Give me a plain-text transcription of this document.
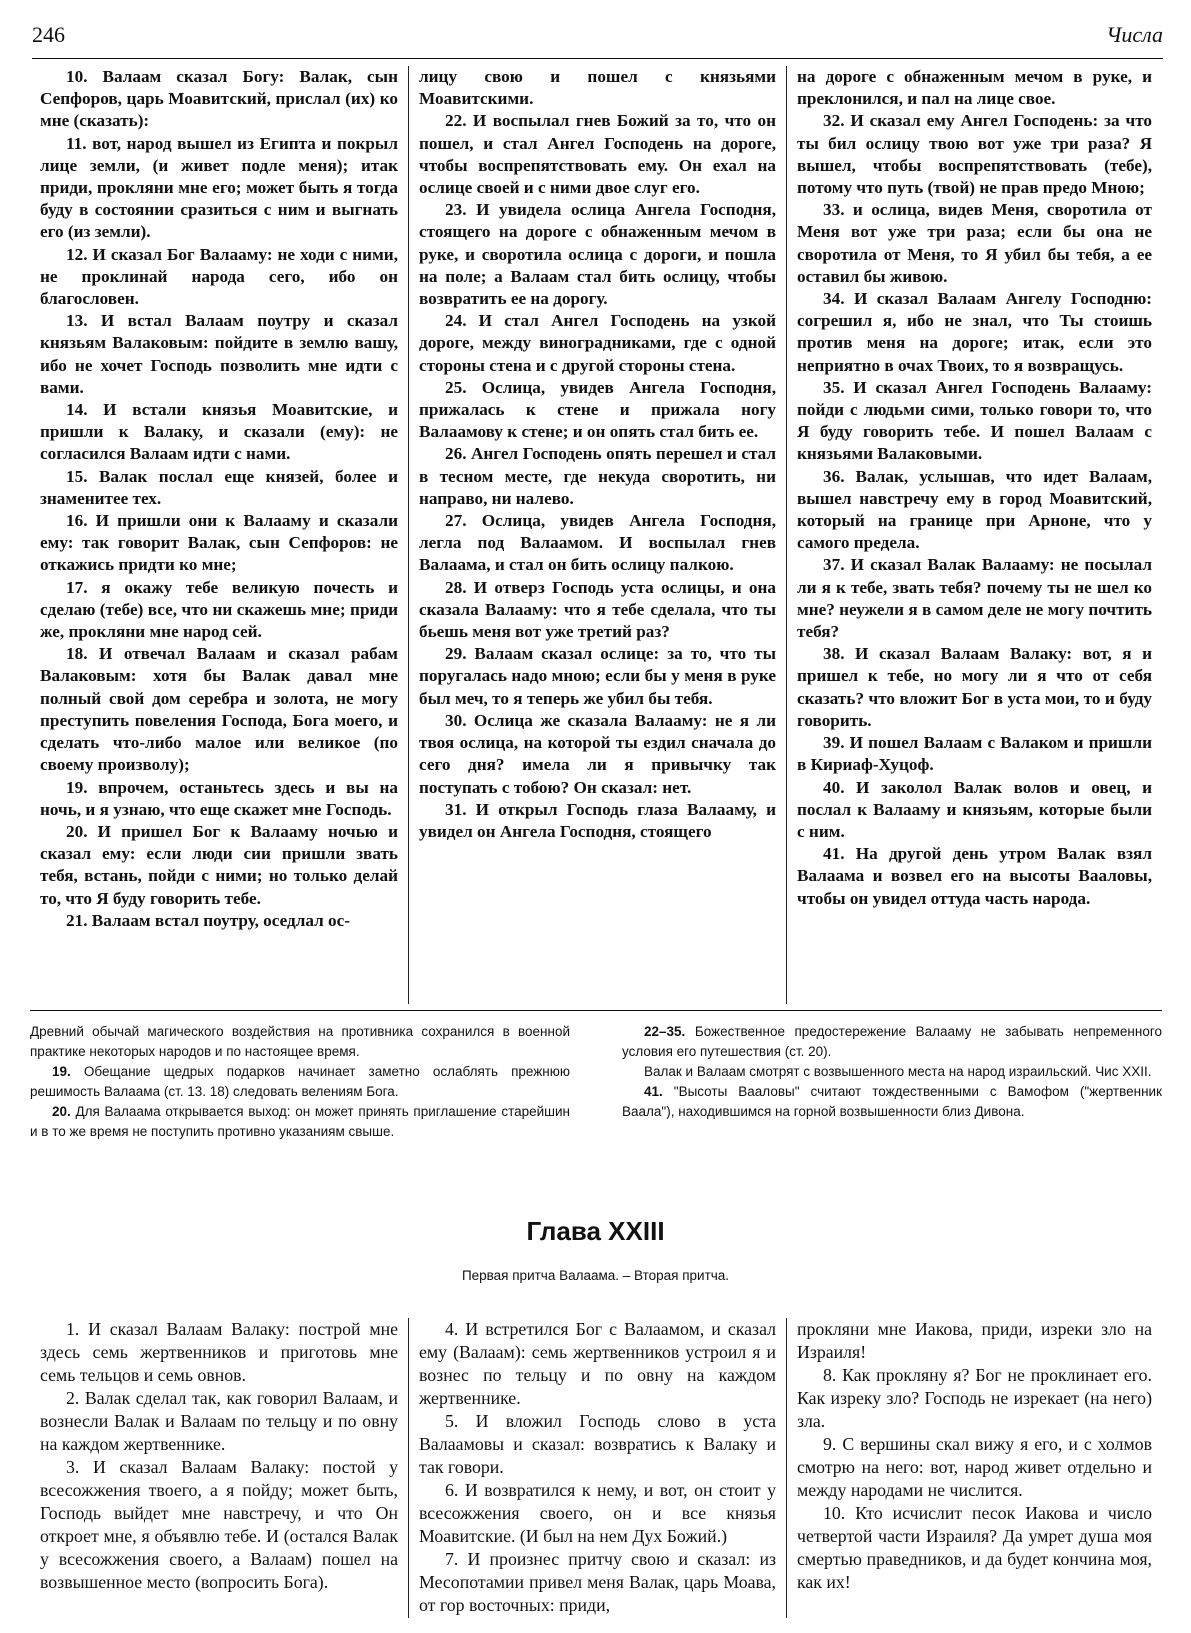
246	Числа

10. Валаам сказал Богу: Валак, сын Сепфоров, царь Моавитский, прислал (их) ко мне (сказать):

11. вот, народ вышел из Египта и покрыл лице земли, (и живет подле меня); итак приди, прокляни мне его; может быть я тогда буду в состоянии сразиться с ним и выгнать его (из земли).

12. И сказал Бог Валааму: не ходи с ними, не проклинай народа сего, ибо он благословен.

13. И встал Валаам поутру и сказал князьям Валаковым: пойдите в землю вашу, ибо не хочет Господь позволить мне идти с вами.

14. И встали князья Моавитские, и пришли к Валаку, и сказали (ему): не согласился Валаам идти с нами.

15. Валак послал еще князей, более и знаменитее тех.

16. И пришли они к Валааму и сказали ему: так говорит Валак, сын Сепфоров: не откажись придти ко мне;

17. я окажу тебе великую почесть и сделаю (тебе) все, что ни скажешь мне; приди же, прокляни мне народ сей.

18. И отвечал Валаам и сказал рабам Валаковым: хотя бы Валак давал мне полный свой дом серебра и золота, не могу преступить повеления Господа, Бога моего, и сделать что-либо малое или великое (по своему произволу);

19. впрочем, останьтесь здесь и вы на ночь, и я узнаю, что еще скажет мне Господь.

20. И пришел Бог к Валааму ночью и сказал ему: если люди сии пришли звать тебя, встань, пойди с ними; но только делай то, что Я буду говорить тебе.

21. Валаам встал поутру, оседлал ос-

лицу свою и пошел с князьями Моавитскими.

22. И воспылал гнев Божий за то, что он пошел, и стал Ангел Господень на дороге, чтобы воспрепятствовать ему. Он ехал на ослице своей и с ними двое слуг его.

23. И увидела ослица Ангела Господня, стоящего на дороге с обнаженным мечом в руке, и своротила ослица с дороги, и пошла на поле; а Валаам стал бить ослицу, чтобы возвратить ее на дорогу.

24. И стал Ангел Господень на узкой дороге, между виноградниками, где с одной стороны стена и с другой стороны стена.

25. Ослица, увидев Ангела Господня, прижалась к стене и прижала ногу Валаамову к стене; и он опять стал бить ее.

26. Ангел Господень опять перешел и стал в тесном месте, где некуда своротить, ни направо, ни налево.

27. Ослица, увидев Ангела Господня, легла под Валаамом. И воспылал гнев Валаама, и стал он бить ослицу палкою.

28. И отверз Господь уста ослицы, и она сказала Валааму: что я тебе сделала, что ты бьешь меня вот уже третий раз?

29. Валаам сказал ослице: за то, что ты поругалась надо мною; если бы у меня в руке был меч, то я теперь же убил бы тебя.

30. Ослица же сказала Валааму: не я ли твоя ослица, на которой ты ездил сначала до сего дня? имела ли я привычку так поступать с тобою? Он сказал: нет.

31. И открыл Господь глаза Валааму, и увидел он Ангела Господня, стоящего

на дороге с обнаженным мечом в руке, и преклонился, и пал на лице свое.

32. И сказал ему Ангел Господень: за что ты бил ослицу твою вот уже три раза? Я вышел, чтобы воспрепятствовать (тебе), потому что путь (твой) не прав предо Мною;

33. и ослица, видев Меня, своротила от Меня вот уже три раза; если бы она не своротила от Меня, то Я убил бы тебя, а ее оставил бы живою.

34. И сказал Валаам Ангелу Господню: согрешил я, ибо не знал, что Ты стоишь против меня на дороге; итак, если это неприятно в очах Твоих, то я возвращусь.

35. И сказал Ангел Господень Валааму: пойди с людьми сими, только говори то, что Я буду говорить тебе. И пошел Валаам с князьями Валаковыми.

36. Валак, услышав, что идет Валаам, вышел навстречу ему в город Моавитский, который на границе при Арноне, что у самого предела.

37. И сказал Валак Валааму: не посылал ли я к тебе, звать тебя? почему ты не шел ко мне? неужели я в самом деле не могу почтить тебя?

38. И сказал Валаам Валаку: вот, я и пришел к тебе, но могу ли я что от себя сказать? что вложит Бог в уста мои, то и буду говорить.

39. И пошел Валаам с Валаком и пришли в Кириаф-Хуцоф.

40. И заколол Валак волов и овец, и послал к Валааму и князьям, которые были с ним.

41. На другой день утром Валак взял Валаама и возвел его на высоты Вааловы, чтобы он увидел оттуда часть народа.

Древний обычай магического воздействия на противника сохранился в военной практике некоторых народов и по настоящее время.

19. Обещание щедрых подарков начинает заметно ослаблять прежнюю решимость Валаама (ст. 13. 18) следовать велениям Бога.

20. Для Валаама открывается выход: он может принять приглашение старейшин и в то же время не поступить противно указаниям свыше.

22–35. Божественное предостережение Валааму не забывать непременного условия его путешествия (ст. 20).

Валак и Валаам смотрят с возвышенного места на народ израильский. Чис XXII.

41. "Высоты Вааловы" считают тождественными с Вамофом ("жертвенник Ваала"), находившимся на горной возвышенности близ Дивона.

Глава XXIII
Первая притча Валаама. – Вторая притча.

1. И сказал Валаам Валаку: построй мне здесь семь жертвенников и приготовь мне семь тельцов и семь овнов.

2. Валак сделал так, как говорил Валаам, и вознесли Валак и Валаам по тельцу и по овну на каждом жертвеннике.

3. И сказал Валаам Валаку: постой у всесожжения твоего, а я пойду; может быть, Господь выйдет мне навстречу, и что Он откроет мне, я объявлю тебе. И (остался Валак у всесожжения своего, а Валаам) пошел на возвышенное место (вопросить Бога).

4. И встретился Бог с Валаамом, и сказал ему (Валаам): семь жертвенников устроил я и вознес по тельцу и по овну на каждом жертвеннике.

5. И вложил Господь слово в уста Валаамовы и сказал: возвратись к Валаку и так говори.

6. И возвратился к нему, и вот, он стоит у всесожжения своего, он и все князья Моавитские. (И был на нем Дух Божий.)

7. И произнес притчу свою и сказал: из Месопотамии привел меня Валак, царь Моава, от гор восточных: приди,

прокляни мне Иакова, приди, изреки зло на Израиля!

8. Как прокляну я? Бог не проклинает его. Как изреку зло? Господь не изрекает (на него) зла.

9. С вершины скал вижу я его, и с холмов смотрю на него: вот, народ живет отдельно и между народами не числится.

10. Кто исчислит песок Иакова и число четвертой части Израиля? Да умрет душа моя смертью праведников, и да будет кончина моя, как их!
